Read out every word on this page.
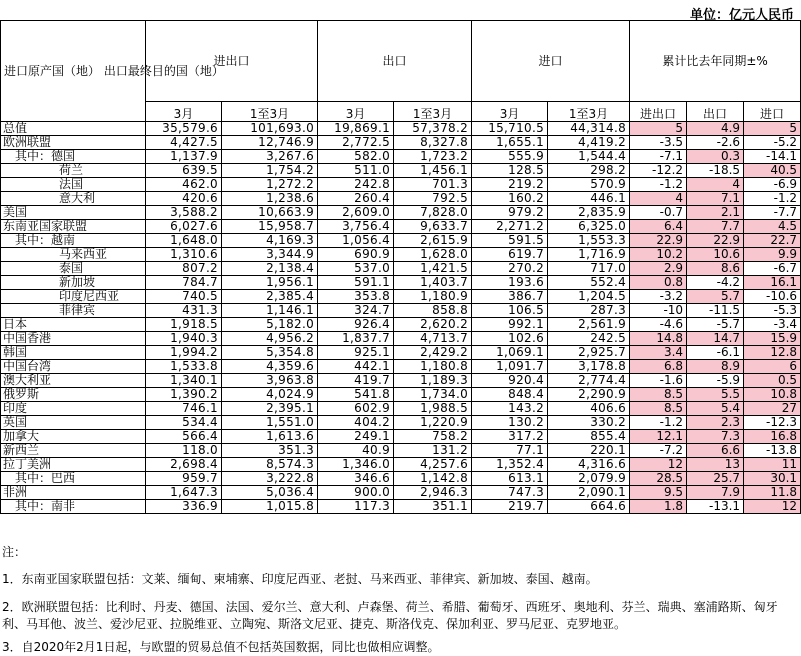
单位：亿元人民币
进口原产国（地） 出口最终目的国（地）	进出口		出口		进口		累计比去年同期±%		
	3月	1至3月	3月	1至3月	3月	1至3月	进出口	出口	进口
总值	35,579.6	101,693.0	19,869.1	57,378.2	15,710.5	44,314.8	5	4.9	5
欧洲联盟	4,427.5	12,746.9	2,772.5	8,327.8	1,655.1	4,419.2	-3.5	-2.6	-5.2
其中：德国	1,137.9	3,267.6	582.0	1,723.2	555.9	1,544.4	-7.1	0.3	-14.1
荷兰	639.5	1,754.2	511.0	1,456.1	128.5	298.2	-12.2	-18.5	40.5
法国	462.0	1,272.2	242.8	701.3	219.2	570.9	-1.2	4	-6.9
意大利	420.6	1,238.6	260.4	792.5	160.2	446.1	4	7.1	-1.2
美国	3,588.2	10,663.9	2,609.0	7,828.0	979.2	2,835.9	-0.7	2.1	-7.7
东南亚国家联盟	6,027.6	15,958.7	3,756.4	9,633.7	2,271.2	6,325.0	6.4	7.7	4.5
其中：越南	1,648.0	4,169.3	1,056.4	2,615.9	591.5	1,553.3	22.9	22.9	22.7
马来西亚	1,310.6	3,344.9	690.9	1,628.0	619.7	1,716.9	10.2	10.6	9.9
泰国	807.2	2,138.4	537.0	1,421.5	270.2	717.0	2.9	8.6	-6.7
新加坡	784.7	1,956.1	591.1	1,403.7	193.6	552.4	0.8	-4.2	16.1
印度尼西亚	740.5	2,385.4	353.8	1,180.9	386.7	1,204.5	-3.2	5.7	-10.6
菲律宾	431.3	1,146.1	324.7	858.8	106.5	287.3	-10	-11.5	-5.3
日本	1,918.5	5,182.0	926.4	2,620.2	992.1	2,561.9	-4.6	-5.7	-3.4
中国香港	1,940.3	4,956.2	1,837.7	4,713.7	102.6	242.5	14.8	14.7	15.9
韩国	1,994.2	5,354.8	925.1	2,429.2	1,069.1	2,925.7	3.4	-6.1	12.8
中国台湾	1,533.8	4,359.6	442.1	1,180.8	1,091.7	3,178.8	6.8	8.9	6
澳大利亚	1,340.1	3,963.8	419.7	1,189.3	920.4	2,774.4	-1.6	-5.9	0.5
俄罗斯	1,390.2	4,024.9	541.8	1,734.0	848.4	2,290.9	8.5	5.5	10.8
印度	746.1	2,395.1	602.9	1,988.5	143.2	406.6	8.5	5.4	27
英国	534.4	1,551.0	404.2	1,220.9	130.2	330.2	-1.2	2.3	-12.3
加拿大	566.4	1,613.6	249.1	758.2	317.2	855.4	12.1	7.3	16.8
新西兰	118.0	351.3	40.9	131.2	77.1	220.1	-7.2	6.6	-13.8
拉丁美洲	2,698.4	8,574.3	1,346.0	4,257.6	1,352.4	4,316.6	12	13	11
其中：巴西	959.7	3,222.8	346.6	1,142.8	613.1	2,079.9	28.5	25.7	30.1
非洲	1,647.3	5,036.4	900.0	2,946.3	747.3	2,090.1	9.5	7.9	11.8
其中：南非	336.9	1,015.8	117.3	351.1	219.7	664.6	1.8	-13.1	12

注：

1．东南亚国家联盟包括：文莱、缅甸、柬埔寨、印度尼西亚、老挝、马来西亚、菲律宾、新加坡、泰国、越南。

2．欧洲联盟包括：比利时、丹麦、德国、法国、爱尔兰、意大利、卢森堡、荷兰、希腊、葡萄牙、西班牙、奥地利、芬兰、瑞典、塞浦路斯、匈牙利、马耳他、波兰、爱沙尼亚、拉脱维亚、立陶宛、斯洛文尼亚、捷克、斯洛伐克、保加利亚、罗马尼亚、克罗地亚。

3．自2020年2月1日起，与欧盟的贸易总值不包括英国数据，同比也做相应调整。
